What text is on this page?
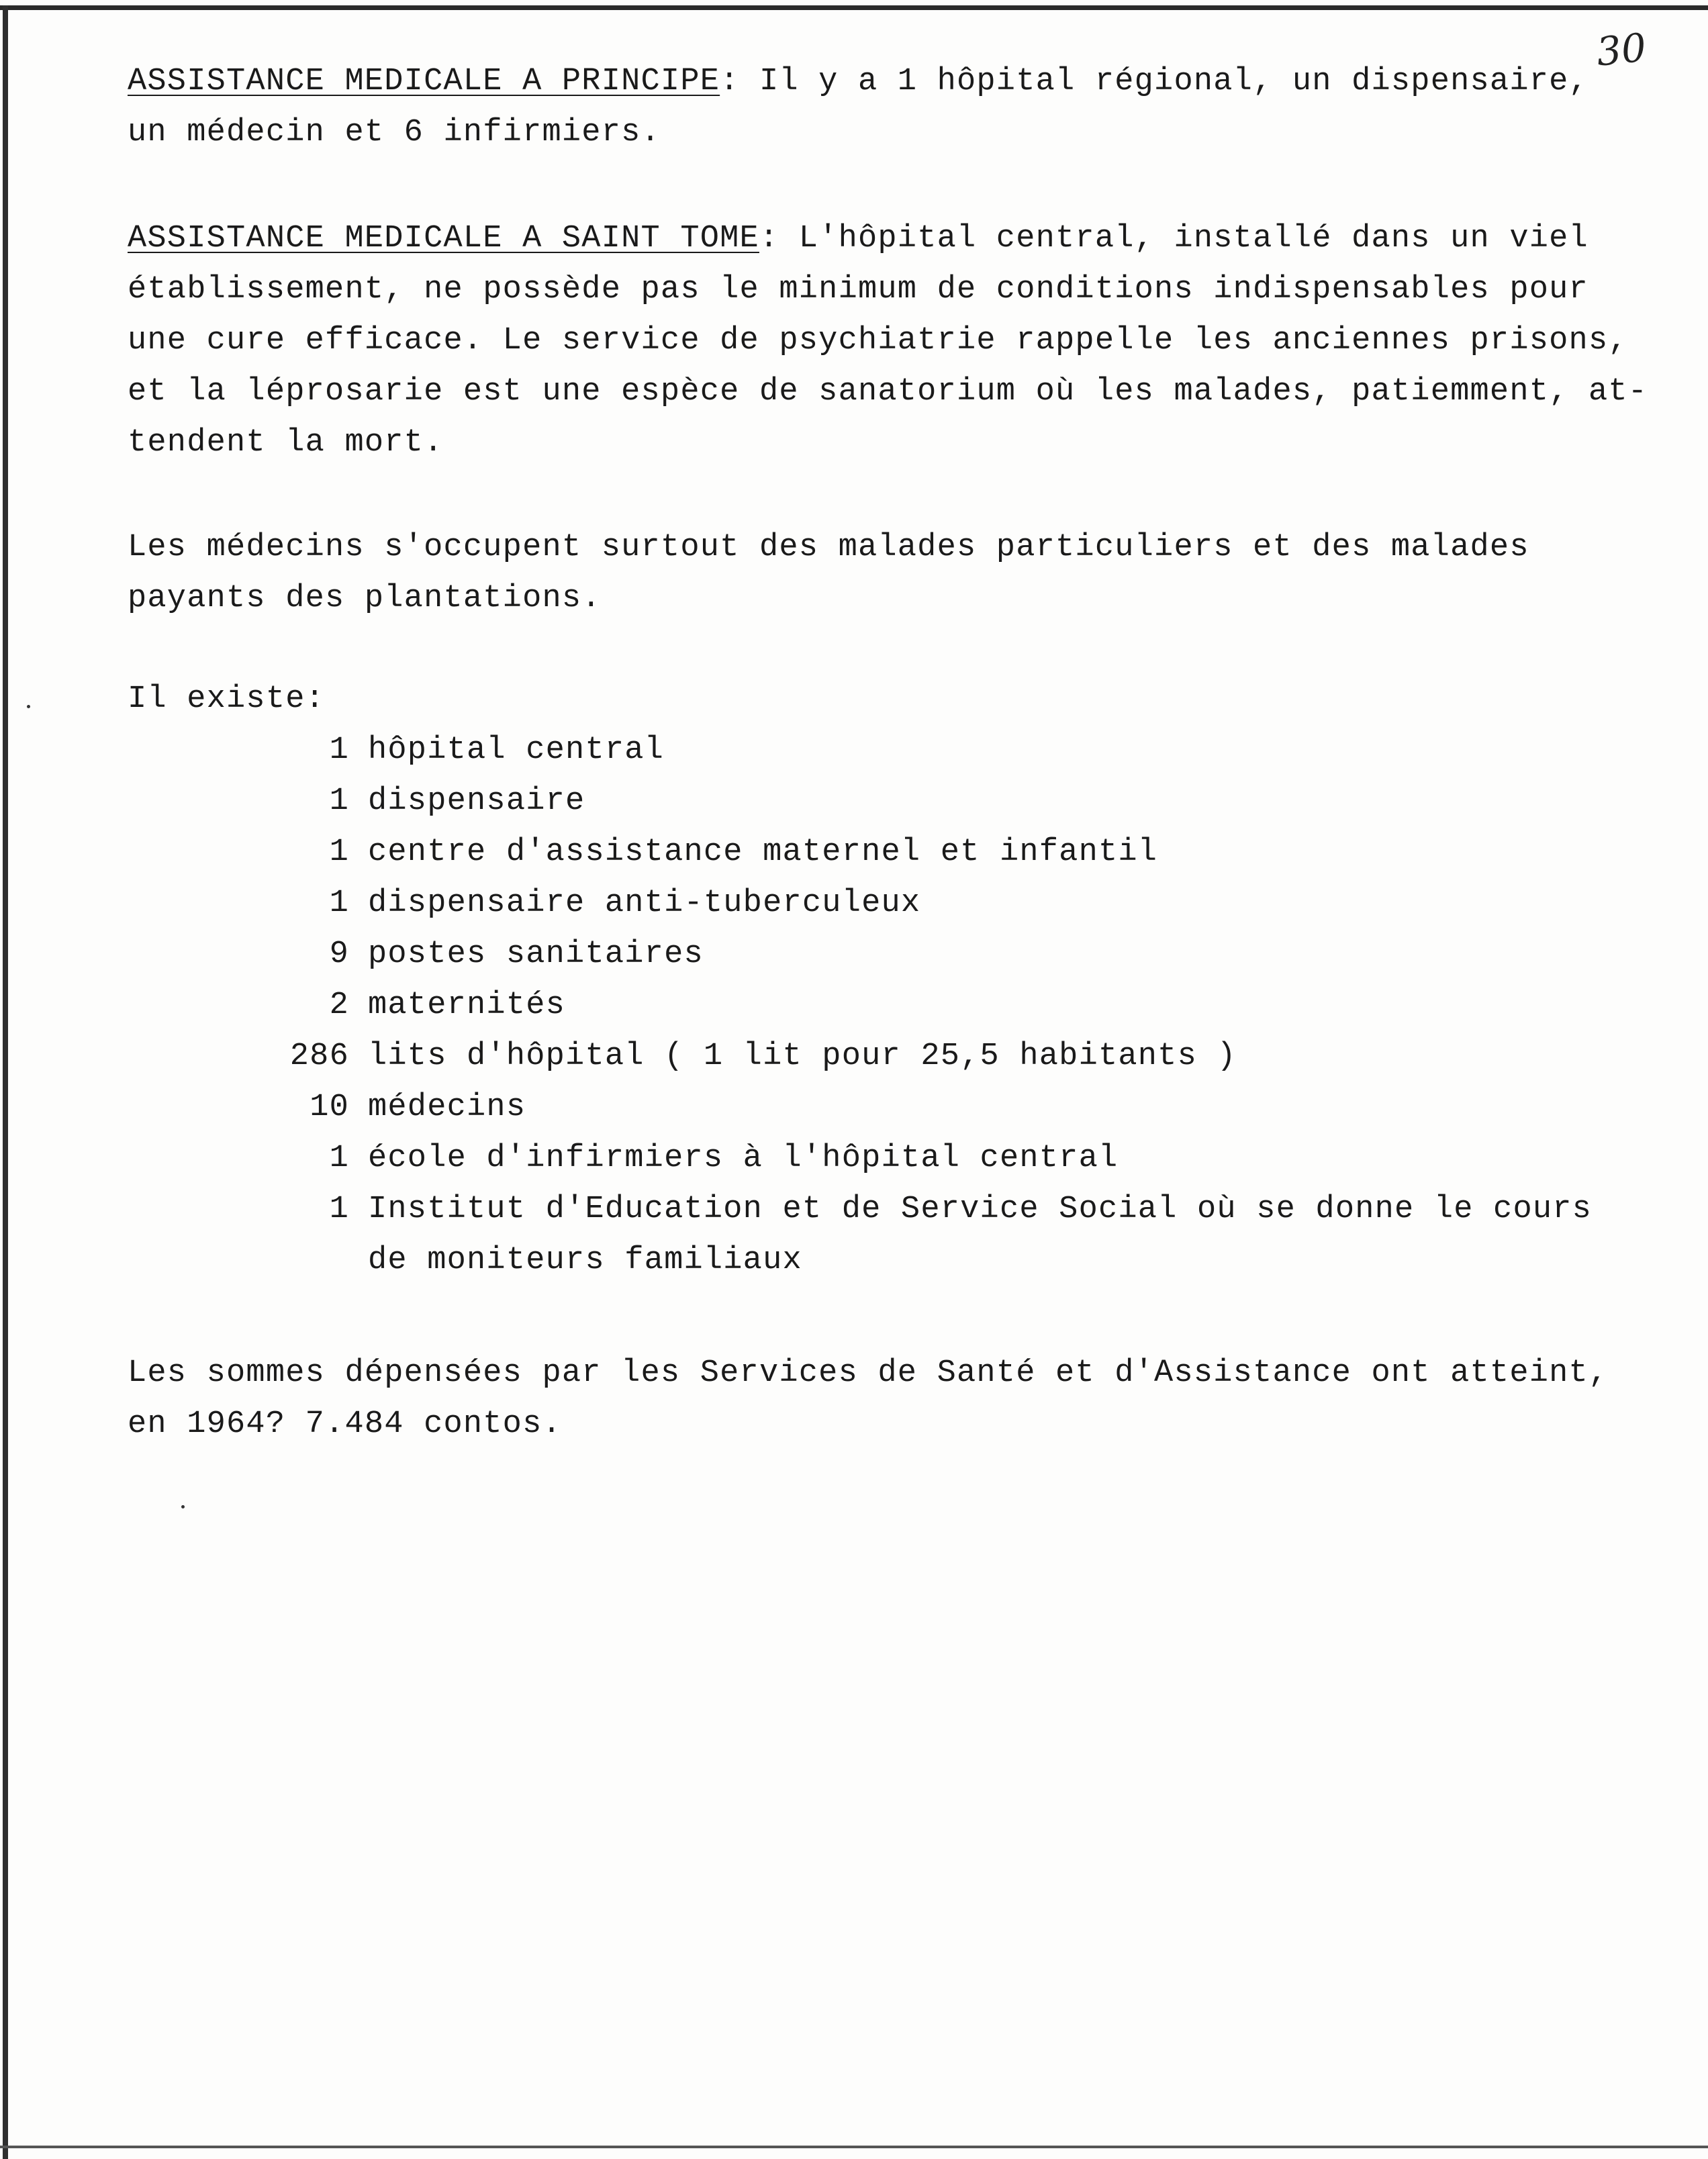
30
ASSISTANCE MEDICALE A PRINCIPE: Il y a 1 hôpital régional, un dispensaire,
un médecin et 6 infirmiers.
ASSISTANCE MEDICALE A SAINT TOME: L'hôpital central, installé dans un viel
établissement, ne possède pas le minimum de conditions indispensables pour
une cure efficace. Le service de psychiatrie rappelle les anciennes prisons,
et la léprosarie est une espèce de sanatorium où les malades, patiemment, at-
tendent la mort.
Les médecins s'occupent surtout des malades particuliers et des malades
payants des plantations.
Il existe:
1 hôpital central
1 dispensaire
1 centre d'assistance maternel et infantil
1 dispensaire anti-tuberculeux
9 postes sanitaires
2 maternités
286 lits d'hôpital ( 1 lit pour 25,5 habitants )
10 médecins
1 école d'infirmiers à l'hôpital central
1 Institut d'Education et de Service Social où se donne le cours
de moniteurs familiaux
Les sommes dépensées par les Services de Santé et d'Assistance ont atteint,
en 1964? 7.484 contos.
